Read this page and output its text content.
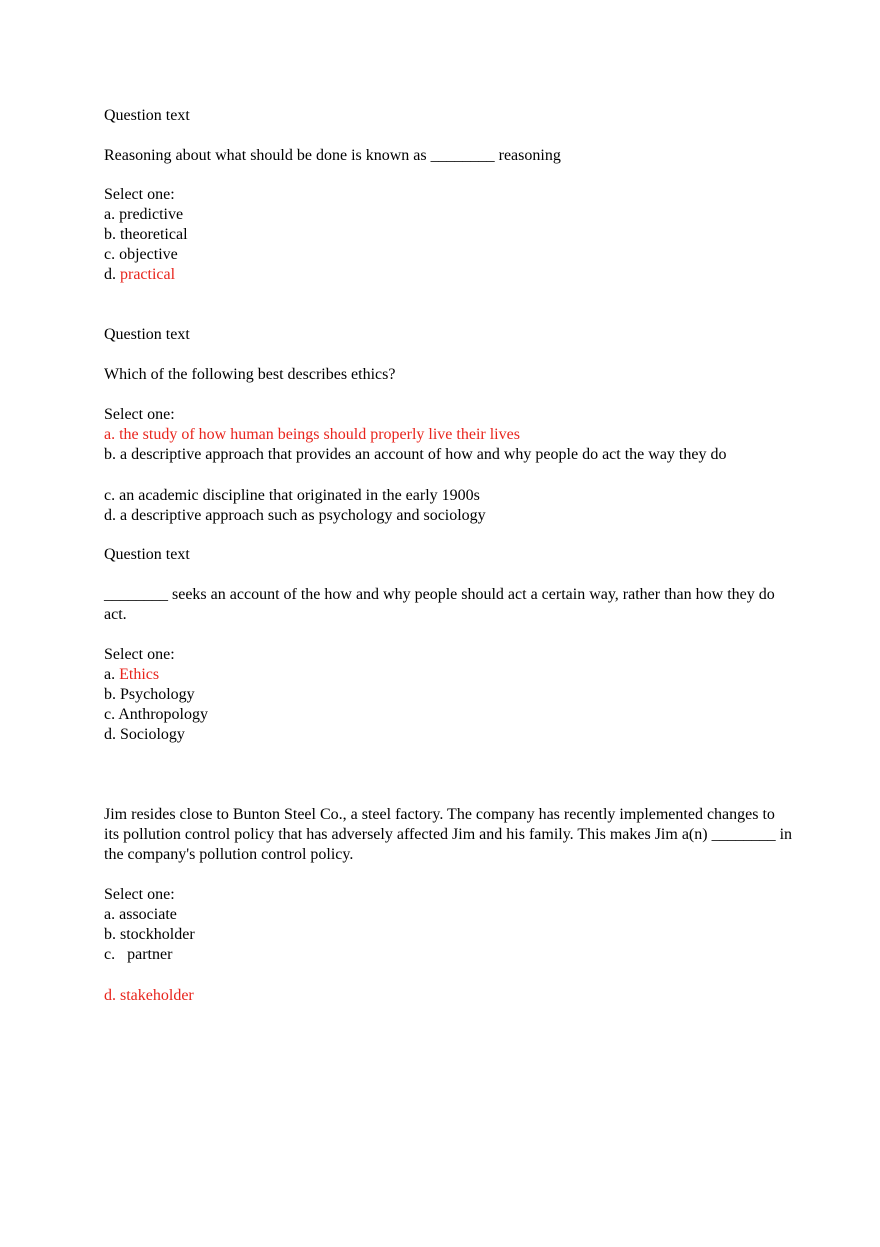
Question text

Reasoning about what should be done is known as ________ reasoning

Select one:

a. predictive

b. theoretical

c. objective

d. practical

Question text

Which of the following best describes ethics?

Select one:

a. the study of how human beings should properly live their lives

b. a descriptive approach that provides an account of how and why people do act the way they do

c. an academic discipline that originated in the early 1900s

d. a descriptive approach such as psychology and sociology

Question text

________ seeks an account of the how and why people should act a certain way, rather than how they do act.

Select one:

a. Ethics

b. Psychology

c. Anthropology

d. Sociology

Jim resides close to Bunton Steel Co., a steel factory. The company has recently implemented changes to its pollution control policy that has adversely affected Jim and his family. This makes Jim a(n) ________ in the company's pollution control policy.

Select one:

a. associate

b. stockholder

c.   partner

d. stakeholder
